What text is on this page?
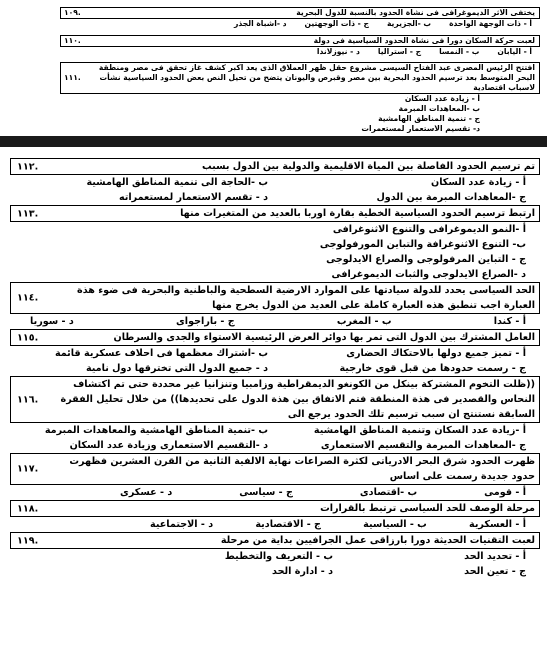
١٠٩.	يختفى الاثر الديموغرافى فى نشاة الحدود بالنسبة للدول البحرية
أ - ذات الوجهة الواحدة
ب -الجزيرية
ج - ذات الوجهتين
د -اشباة الجذر
١١٠.	لعبت حركة السكان دورا فى نشاة الحدود السياسية فى دولة
أ - اليابان
ب - النمسا
ج - استراليا
د - نيوزلاندا
١١١.
افتتح الرئيس المصرى عبد الفتاح السيسى مشروع حقل ظهر العملاق الذى يعد اكبر كشف غاز تحقق فى مصر ومنطقة البحر المتوسط بعد ترسيم الحدود البحرية بين مصر وقبرص واليونان يتضح من تحيل النص بعض الحدود السياسية نشأت لاسباب اقتصادية
أ - زيادة عدد السكان
ب -المعاهدات المبرمة
ج - تنمية المناطق الهامشية
د- تقسيم الاستعمار لمستعمرات
١١٢.	تم ترسيم الحدود الفاصلة بين المياة الاقليمية والدولية بين الدول بسبب
أ - زيادة عدد السكان
ب -الحاجة الى تنمية المناطق الهامشية
ج -المعاهدات المبرمة بين الدول
د - تقسم الاستعمار لمستعمراته
١١٣.	ارتبط ترسيم الحدود السياسية الخطية بقارة اوربا بالعديد من المتغيرات منها
أ -النمو الديموغرافى والتنوع الاثنوغرافى
ب- التنوع الاثنوغرافة والتباين المورفولوجى
ج - التباين المرفولوجى والصراع الايدلوجى
د -الصراع الايدلوجى والثبات الديموغرافى
١١٤.
الحد السياسى يحدد للدولة سيادتها على الموارد الارضية السطحية والباطنية والبحرية فى ضوء هذة العبارة اجب تنطبق هذه العبارة كاملة على العديد من الدول يخرج منها
أ - كندا
ب - المغرب
ج - باراجواى
د - سوريا
١١٥.	العامل المشترك بين الدول التى تمر بها دوائر العرض الرئيسية الاستواء والجدى والسرطان
أ - تميز جميع دولها بالاحتكاك الحضارى
ب -اشتراك معظمها فى احلاف عسكرية قائمة
ج - رسمت حدودها من قبل قوى خارجية
د - جميع الدول التى تخترقها دول نامية
١١٦.
((ظلت التخوم المشتركة بينكل من الكونغو الديمقراطية وزامبيا وتنزانيا غير محددة حتى تم اكتشاف النحاس والقصدير فى هذة المنطقة فتم الاتفاق بين هذة الدول على تحديدها)) من خلال تحليل الفقرة السابقة نستنتج ان سبب ترسيم تلك الحدود يرجع الى
أ -زيادة عدد السكان وتنمية المناطق الهامشية
ب -تنمية المناطق الهامشية والمعاهدات المبرمة
ج -المعاهدات المبرمة والتقسيم الاستعمارى
د -التقسيم الاستعمارى وزيادة عدد السكان
١١٧.
ظهرت الحدود شرق البحر الادرياتى لكثرة الصراعات نهاية الالفية الثانية من القرن العشرين فظهرت حدود جديدة رسمت على اساس
أ - قومى
ب -اقتصادى
ج - سياسى
د - عسكرى
١١٨.	مرحلة الوصف للحد السياسى ترتبط بالقرارات
أ - العسكرية
ب - السياسية
ج - الاقتصادية
د - الاجتماعية
١١٩.	لعبت التقنيات الحديثة دورا بارزاقى عمل الجرافيين بداية من مرحلة
أ - تحديد الحد
ب - التعريف والتخطيط
ج - تعين الحد
د - ادارة الحد
